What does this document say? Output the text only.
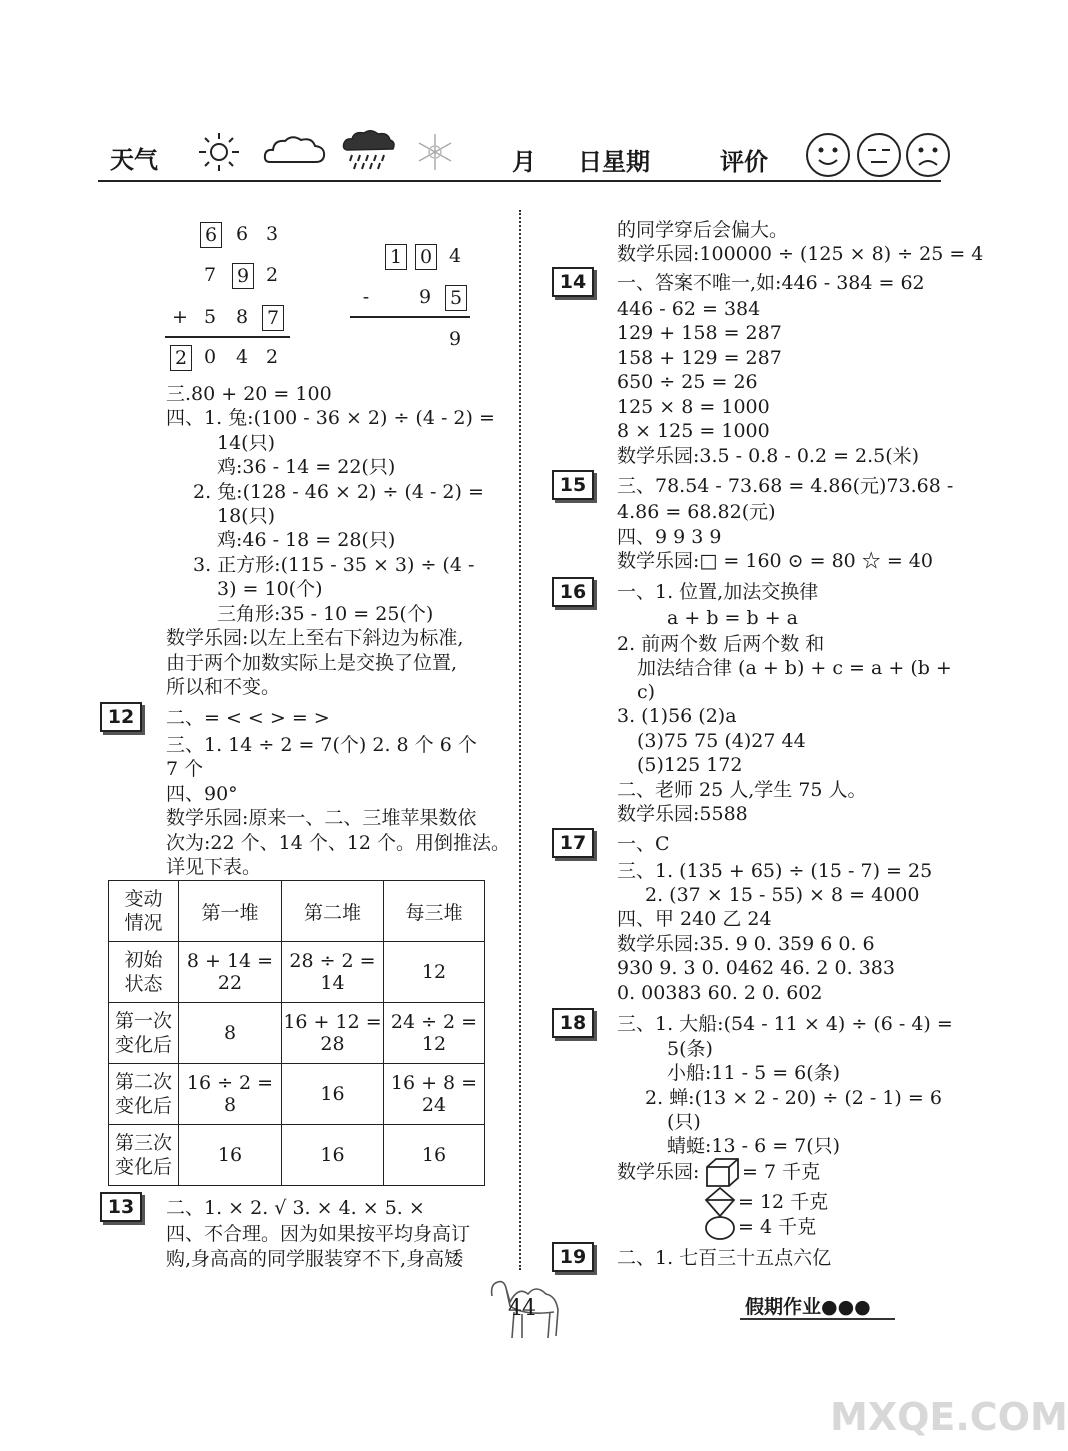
天气	月 日星期	评价
6 6 3
7 9 2
+ 5 8 7
2 0 4 2
1 0 4
-	9 5
9
三.80 + 20 = 100
四、1. 兔:(100 - 36 × 2) ÷ (4 - 2) =
14(只)
鸡:36 - 14 = 22(只)
2. 兔:(128 - 46 × 2) ÷ (4 - 2) =
18(只)
鸡:46 - 18 = 28(只)
3. 正方形:(115 - 35 × 3) ÷ (4 -
3) = 10(个)
三角形:35 - 10 = 25(个)
数学乐园:以左上至右下斜边为标准,
由于两个加数实际上是交换了位置,
所以和不变。
12	二、= < < > = >
三、1. 14 ÷ 2 = 7(个) 2. 8 个 6 个
7 个
四、90°
数学乐园:原来一、二、三堆苹果数依
次为:22 个、14 个、12 个。用倒推法。
详见下表。
变动
情况	第一堆	第二堆	每三堆
初始
状态	8 + 14 = 22	28 ÷ 2 = 14	12
第一次
变化后	8	16 + 12 = 28	24 ÷ 2 = 12
第二次
变化后	16 ÷ 2 = 8	16	16 + 8 = 24
第三次
变化后	16	16	16
13	二、1. × 2. √ 3. × 4. × 5. ×
四、不合理。因为如果按平均身高订
购,身高高的同学服装穿不下,身高矮
的同学穿后会偏大。
数学乐园:100000 ÷ (125 × 8) ÷ 25 = 4
14	一、答案不唯一,如:446 - 384 = 62
446 - 62 = 384
129 + 158 = 287
158 + 129 = 287
650 ÷ 25 = 26
125 × 8 = 1000
8 × 125 = 1000
数学乐园:3.5 - 0.8 - 0.2 = 2.5(米)
15	三、78.54 - 73.68 = 4.86(元)73.68 -
4.86 = 68.82(元)
四、9 9 3 9
数学乐园:□ = 160 ⊙ = 80 ☆ = 40
16	一、1. 位置,加法交换律
a + b = b + a
2. 前两个数 后两个数 和
加法结合律 (a + b) + c = a + (b +
c)
3. (1)56 (2)a
(3)75 75 (4)27 44
(5)125 172
二、老师 25 人,学生 75 人。
数学乐园:5588
17	一、C
三、1. (135 + 65) ÷ (15 - 7) = 25
2. (37 × 15 - 55) × 8 = 4000
四、甲 240 乙 24
数学乐园:35. 9 0. 359 6 0. 6
930 9. 3 0. 0462 46. 2 0. 383
0. 00383 60. 2 0. 602
18	三、1. 大船:(54 - 11 × 4) ÷ (6 - 4) =
5(条)
小船:11 - 5 = 6(条)
2. 蝉:(13 × 2 - 20) ÷ (2 - 1) = 6
(只)
蜻蜓:13 - 6 = 7(只)
数学乐园: = 7 千克
= 12 千克
= 4 千克
19	二、1. 七百三十五点六亿
44	假期作业●●●
MXQE.COM
